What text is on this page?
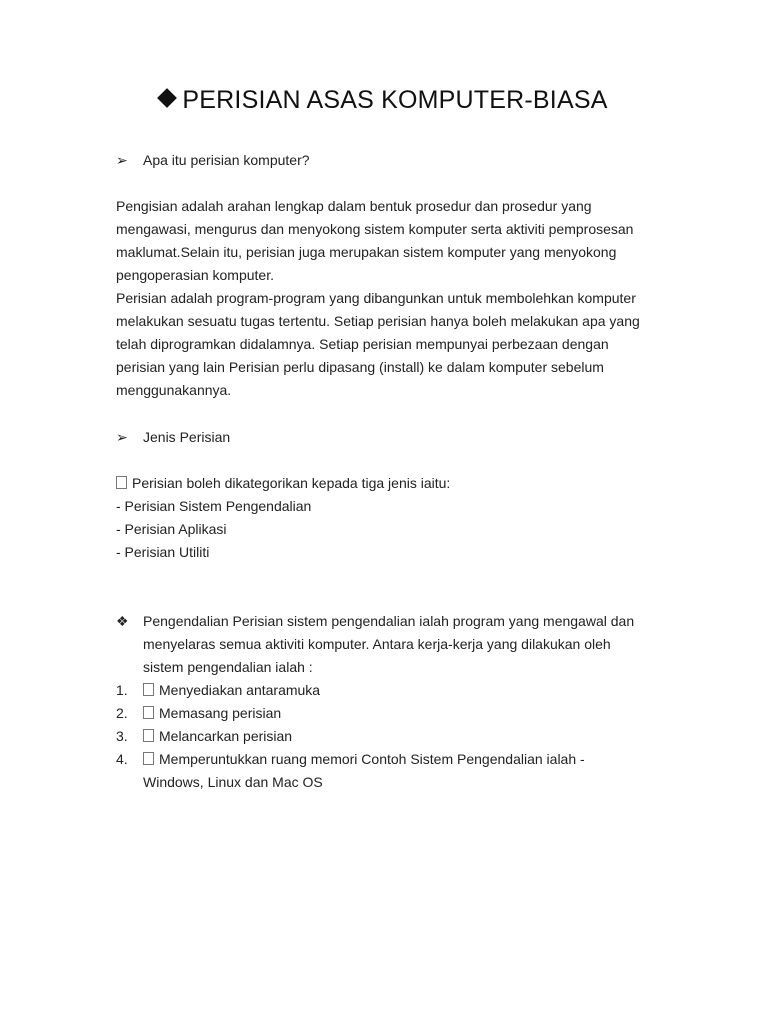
PERISIAN ASAS KOMPUTER-BIASA
➢ Apa itu perisian komputer?
Pengisian adalah arahan lengkap dalam bentuk prosedur dan prosedur yang
mengawasi, mengurus dan menyokong sistem komputer serta aktiviti pemprosesan
maklumat.Selain itu, perisian juga merupakan sistem komputer yang menyokong
pengoperasian komputer.
Perisian adalah program-program yang dibangunkan untuk membolehkan komputer
melakukan sesuatu tugas tertentu. Setiap perisian hanya boleh melakukan apa yang
telah diprogramkan didalamnya. Setiap perisian mempunyai perbezaan dengan
perisian yang lain Perisian perlu dipasang (install) ke dalam komputer sebelum
menggunakannya.
➢ Jenis Perisian
Perisian boleh dikategorikan kepada tiga jenis iaitu:
- Perisian Sistem Pengendalian
- Perisian Aplikasi
- Perisian Utiliti
❖ Pengendalian Perisian sistem pengendalian ialah program yang mengawal dan
menyelaras semua aktiviti komputer. Antara kerja-kerja yang dilakukan oleh
sistem pengendalian ialah :
1.	Menyediakan antaramuka
2.	Memasang perisian
3.	Melancarkan perisian
4.	Memperuntukkan ruang memori Contoh Sistem Pengendalian ialah -
Windows, Linux dan Mac OS
